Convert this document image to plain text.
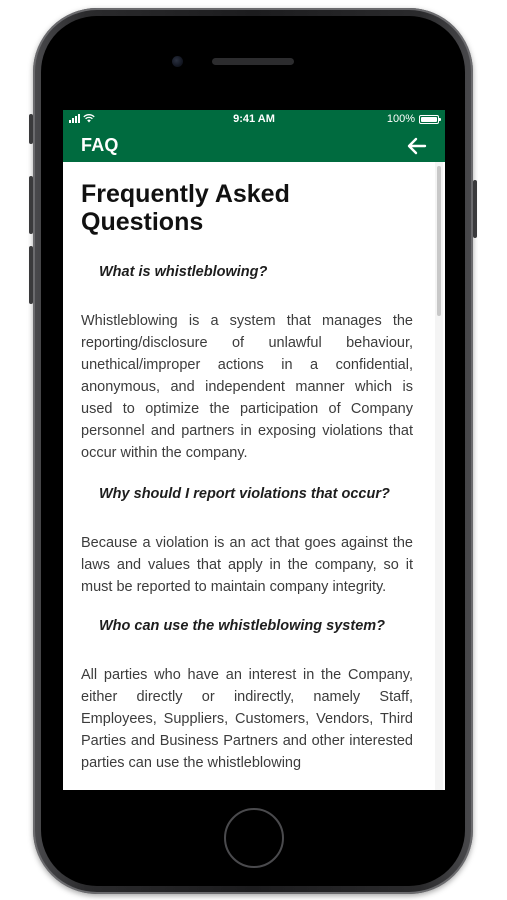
9:41 AM	100%
FAQ
Frequently Asked Questions

What is whistleblowing?

Whistleblowing is a system that manages the reporting/disclosure of unlawful behaviour, unethical/improper actions in a confidential, anonymous, and independent manner which is used to optimize the participation of Company personnel and partners in exposing violations that occur within the company.

Why should I report violations that occur?

Because a violation is an act that goes against the laws and values that apply in the company, so it must be reported to maintain company integrity.

Who can use the whistleblowing system?

All parties who have an interest in the Company, either directly or indirectly, namely Staff, Employees, Suppliers, Customers, Vendors, Third Parties and Business Partners and other interested parties can use the whistleblowing
